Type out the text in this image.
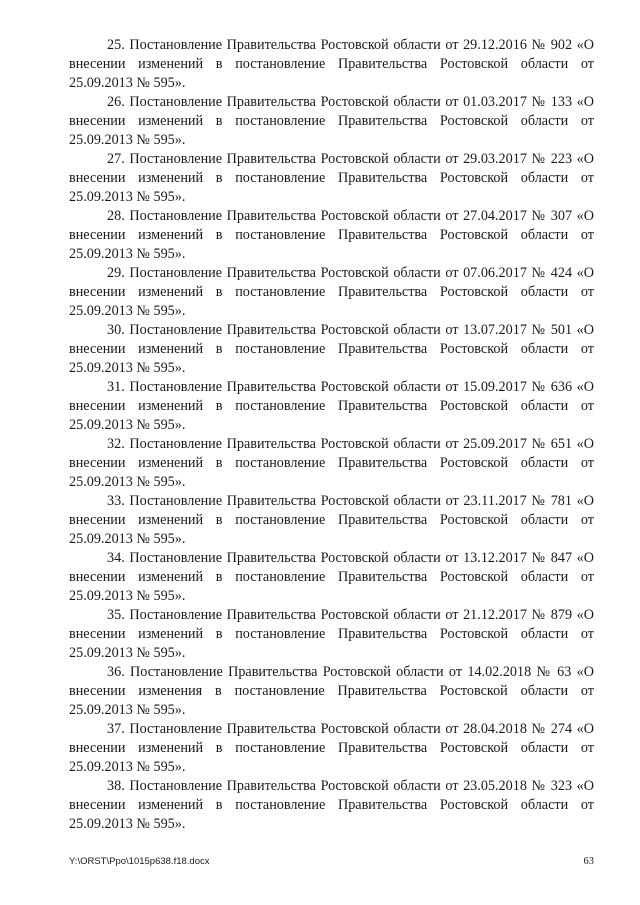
25. Постановление Правительства Ростовской области от 29.12.2016 № 902 «О внесении изменений в постановление Правительства Ростовской области от 25.09.2013 № 595».

26. Постановление Правительства Ростовской области от 01.03.2017 № 133 «О внесении изменений в постановление Правительства Ростовской области от 25.09.2013 № 595».

27. Постановление Правительства Ростовской области от 29.03.2017 № 223 «О внесении изменений в постановление Правительства Ростовской области от 25.09.2013 № 595».

28. Постановление Правительства Ростовской области от 27.04.2017 № 307 «О внесении изменений в постановление Правительства Ростовской области от 25.09.2013 № 595».

29. Постановление Правительства Ростовской области от 07.06.2017 № 424 «О внесении изменений в постановление Правительства Ростовской области от 25.09.2013 № 595».

30. Постановление Правительства Ростовской области от 13.07.2017 № 501 «О внесении изменений в постановление Правительства Ростовской области от 25.09.2013 № 595».

31. Постановление Правительства Ростовской области от 15.09.2017 № 636 «О внесении изменений в постановление Правительства Ростовской области от 25.09.2013 № 595».

32. Постановление Правительства Ростовской области от 25.09.2017 № 651 «О внесении изменений в постановление Правительства Ростовской области от 25.09.2013 № 595».

33. Постановление Правительства Ростовской области от 23.11.2017 № 781 «О внесении изменений в постановление Правительства Ростовской области от 25.09.2013 № 595».

34. Постановление Правительства Ростовской области от 13.12.2017 № 847 «О внесении изменений в постановление Правительства Ростовской области от 25.09.2013 № 595».

35. Постановление Правительства Ростовской области от 21.12.2017 № 879 «О внесении изменений в постановление Правительства Ростовской области от 25.09.2013 № 595».

36. Постановление Правительства Ростовской области от 14.02.2018 № 63 «О внесении изменения в постановление Правительства Ростовской области от 25.09.2013 № 595».

37. Постановление Правительства Ростовской области от 28.04.2018 № 274 «О внесении изменений в постановление Правительства Ростовской области от 25.09.2013 № 595».

38. Постановление Правительства Ростовской области от 23.05.2018 № 323 «О внесении изменений в постановление Правительства Ростовской области от 25.09.2013 № 595».

Y:\ORST\Ppo\1015p638.f18.docx	63
